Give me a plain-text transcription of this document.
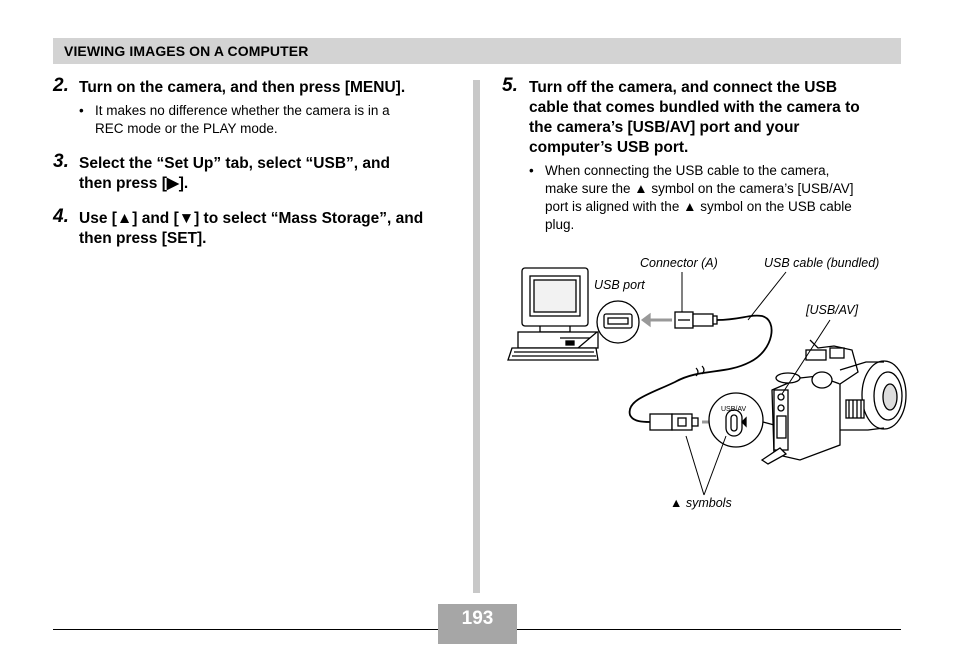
VIEWING IMAGES ON A COMPUTER
2. Turn on the camera, and then press [MENU].
• It makes no difference whether the camera is in a
REC mode or the PLAY mode.
3. Select the “Set Up” tab, select “USB”, and
then press [▶].
4. Use [▲] and [▼] to select “Mass Storage”, and
then press [SET].
5. Turn off the camera, and connect the USB
cable that comes bundled with the camera to
the camera’s [USB/AV] port and your
computer’s USB port.
• When connecting the USB cable to the camera,
make sure the ▲ symbol on the camera’s [USB/AV]
port is aligned with the ▲ symbol on the USB cable
plug.
USB/AV
Connector (A)	USB cable (bundled)
USB port
[USB/AV]
▲ symbols
193
